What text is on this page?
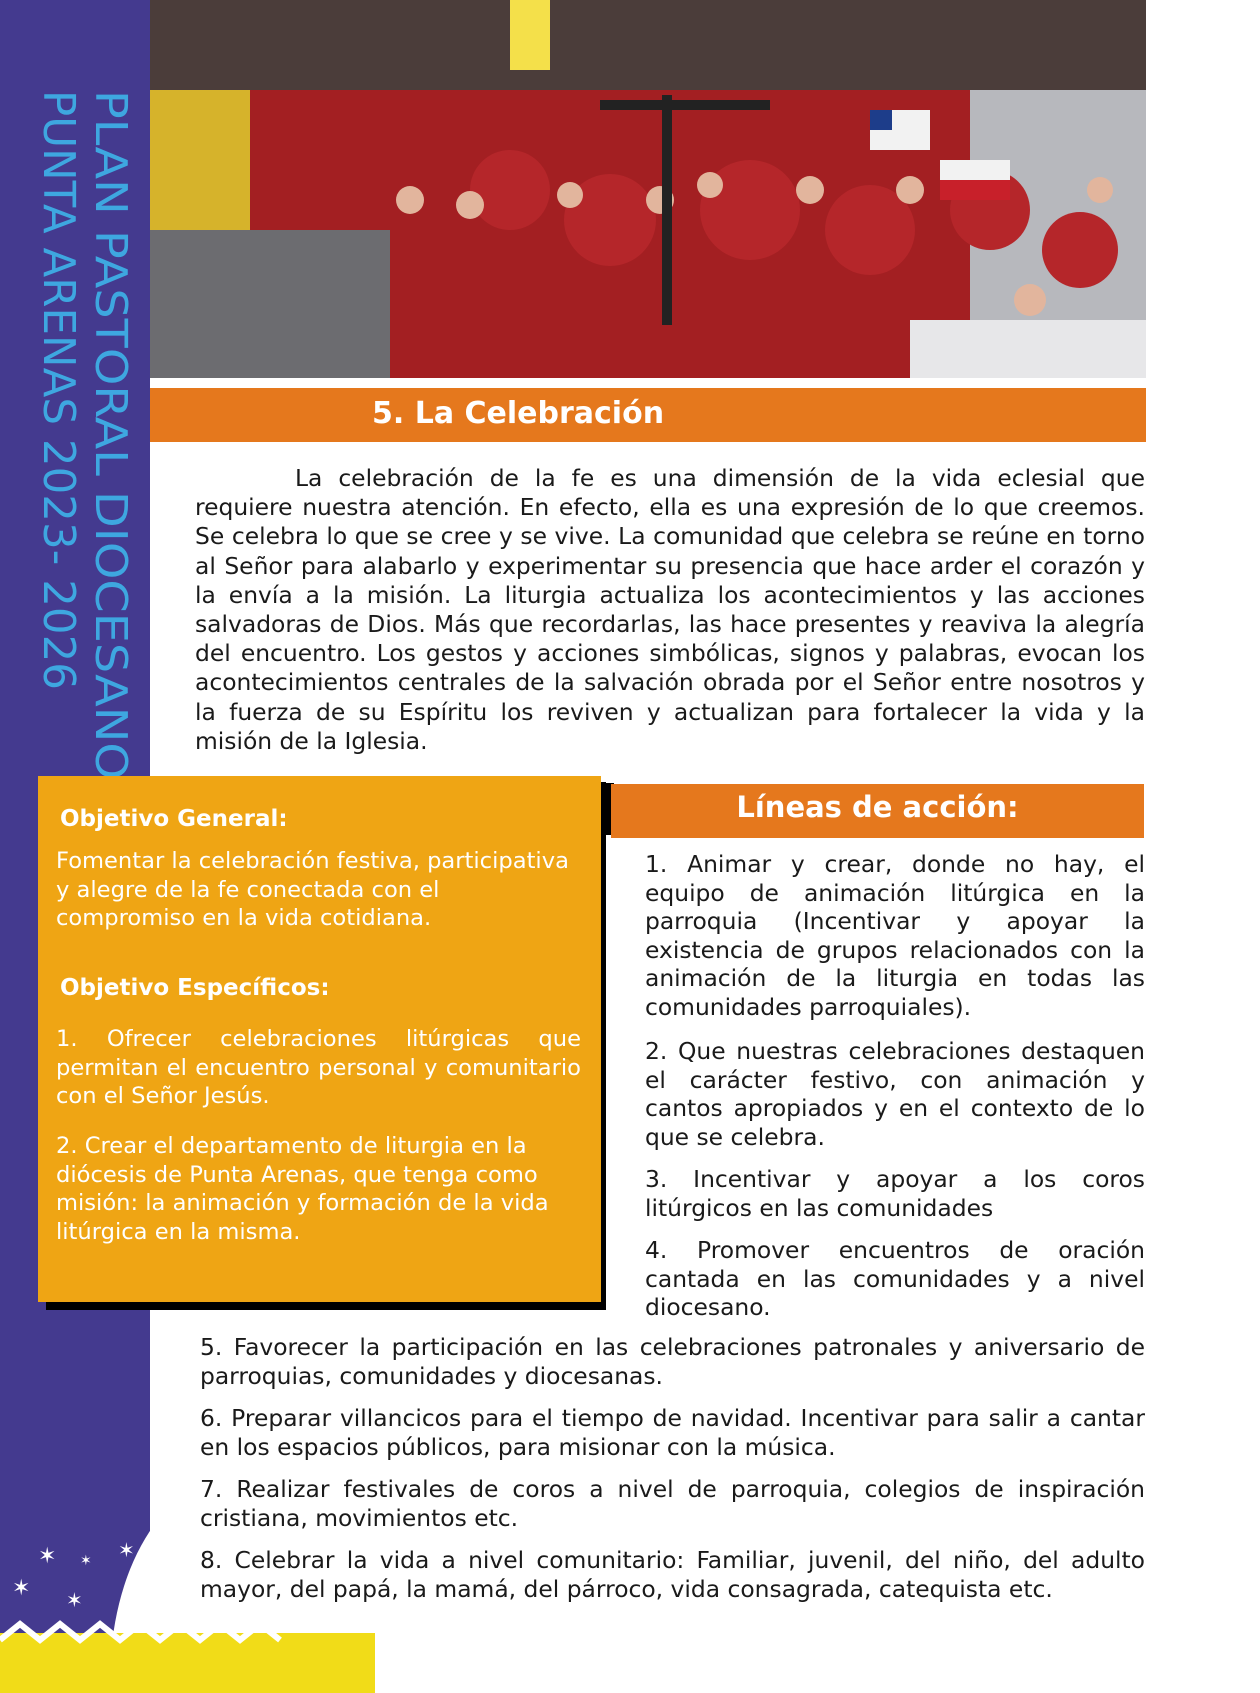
PLAN PASTORAL DIOCESANO
PUNTA ARENAS 2023- 2026
✶ ✶ ✶
✶ ✶
5. La Celebración

La celebración de la fe es una dimensión de la vida eclesial que requiere nuestra atención. En efecto, ella es una expresión de lo que creemos. Se celebra lo que se cree y se vive. La comunidad que celebra se reúne en torno al Señor para alabarlo y experimentar su presencia que hace arder el corazón y la envía a la misión. La liturgia actualiza los acontecimientos y las acciones salvadoras de Dios. Más que recordarlas, las hace presentes y reaviva la alegría del encuentro. Los gestos y acciones simbólicas, signos y palabras, evocan los acontecimientos centrales de la salvación obrada por el Señor entre nosotros y la fuerza de su Espíritu los reviven y actualizan para fortalecer la vida y la misión de la Iglesia.

Objetivo General:

Fomentar la celebración festiva, participativa y alegre de la fe conectada con el compromiso en la vida cotidiana.

Objetivo Específicos:

1. Ofrecer celebraciones litúrgicas que permitan el encuentro personal y comunitario con el Señor Jesús.

2. Crear el departamento de liturgia en la diócesis de Punta Arenas, que tenga como misión: la animación y formación de la vida litúrgica en la misma.

Líneas de acción:

1. Animar y crear, donde no hay, el equipo de animación litúrgica en la parroquia (Incentivar y apoyar la existencia de grupos relacionados con la animación de la liturgia en todas las comunidades parroquiales).

2. Que nuestras celebraciones destaquen el carácter festivo, con animación y cantos apropiados y en el contexto de lo que se celebra.

3. Incentivar y apoyar a los coros litúrgicos en las comunidades

4. Promover encuentros de oración cantada en las comunidades y a nivel diocesano.

5. Favorecer la participación en las celebraciones patronales y aniversario de parroquias, comunidades y diocesanas.

6. Preparar villancicos para el tiempo de navidad. Incentivar para salir a cantar en los espacios públicos, para misionar con la música.

7. Realizar festivales de coros a nivel de parroquia, colegios de inspiración cristiana, movimientos etc.

8. Celebrar la vida a nivel comunitario: Familiar, juvenil, del niño, del adulto mayor, del papá, la mamá, del párroco, vida consagrada, catequista etc.
